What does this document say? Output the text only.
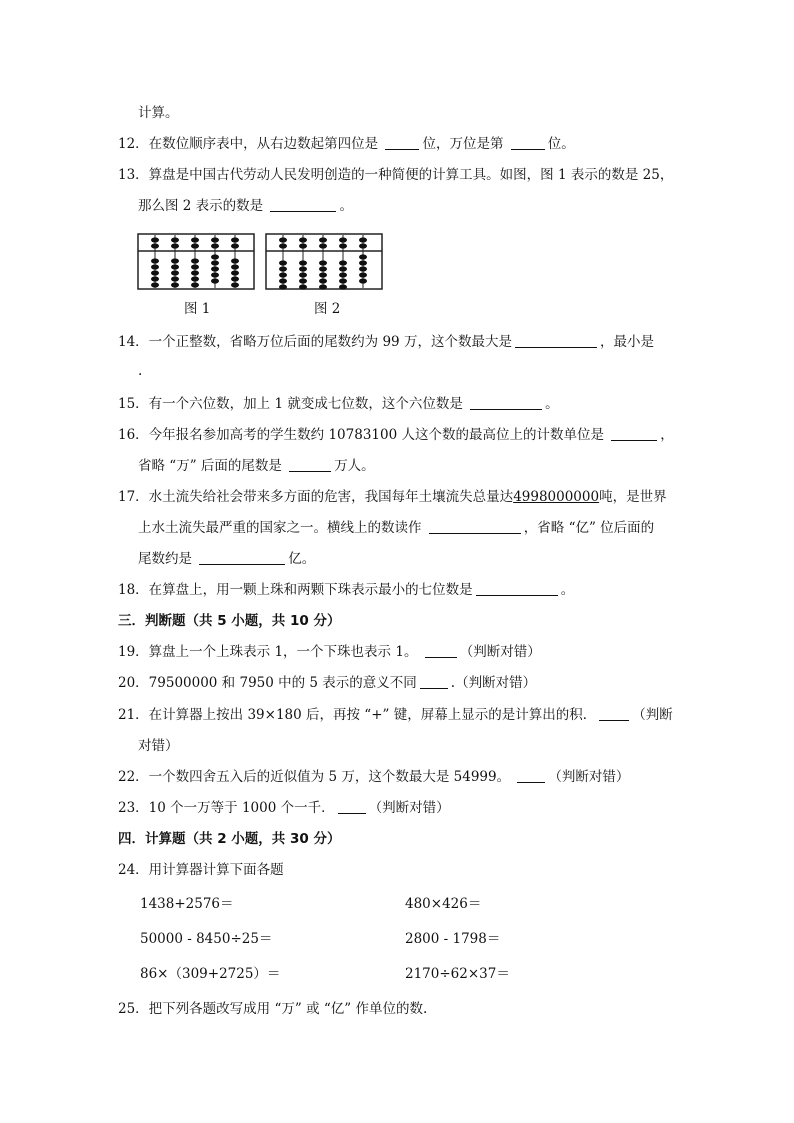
计算。
12．在数位顺序表中，从右边数起第四位是	位，万位是第	位。
13．算盘是中国古代劳动人民发明创造的一种简便的计算工具。如图，图 1 表示的数是 25，
那么图 2 表示的数是	。
图 1	图 2
14．一个正整数，省略万位后面的尾数约为 99 万，这个数最大是	，最小是
.
15．有一个六位数，加上 1 就变成七位数，这个六位数是	。
16．今年报名参加高考的学生数约 10783100 人这个数的最高位上的计数单位是	，
省略 “万” 后面的尾数是	万人。
17．水土流失给社会带来多方面的危害，我国每年土壤流失总量达4998000000吨，是世界
上水土流失最严重的国家之一。横线上的数读作	，省略 “亿” 位后面的
尾数约是	亿。
18．在算盘上，用一颗上珠和两颗下珠表示最小的七位数是	。
三．判断题（共 5 小题，共 10 分）
19．算盘上一个上珠表示 1，一个下珠也表示 1。	（判断对错）
20．79500000 和 7950 中的 5 表示的意义不同	.（判断对错）
21．在计算器上按出 39×180 后，再按 “+” 键，屏幕上显示的是计算出的积．	（判断
对错）
22．一个数四舍五入后的近似值为 5 万，这个数最大是 54999。	（判断对错）
23．10 个一万等于 1000 个一千．	（判断对错）
四．计算题（共 2 小题，共 30 分）
24．用计算器计算下面各题
1438+2576＝	480×426＝
50000 - 8450÷25＝	2800 - 1798＝
86×（309+2725）＝	2170÷62×37＝
25．把下列各题改写成用 “万” 或 “亿” 作单位的数.
